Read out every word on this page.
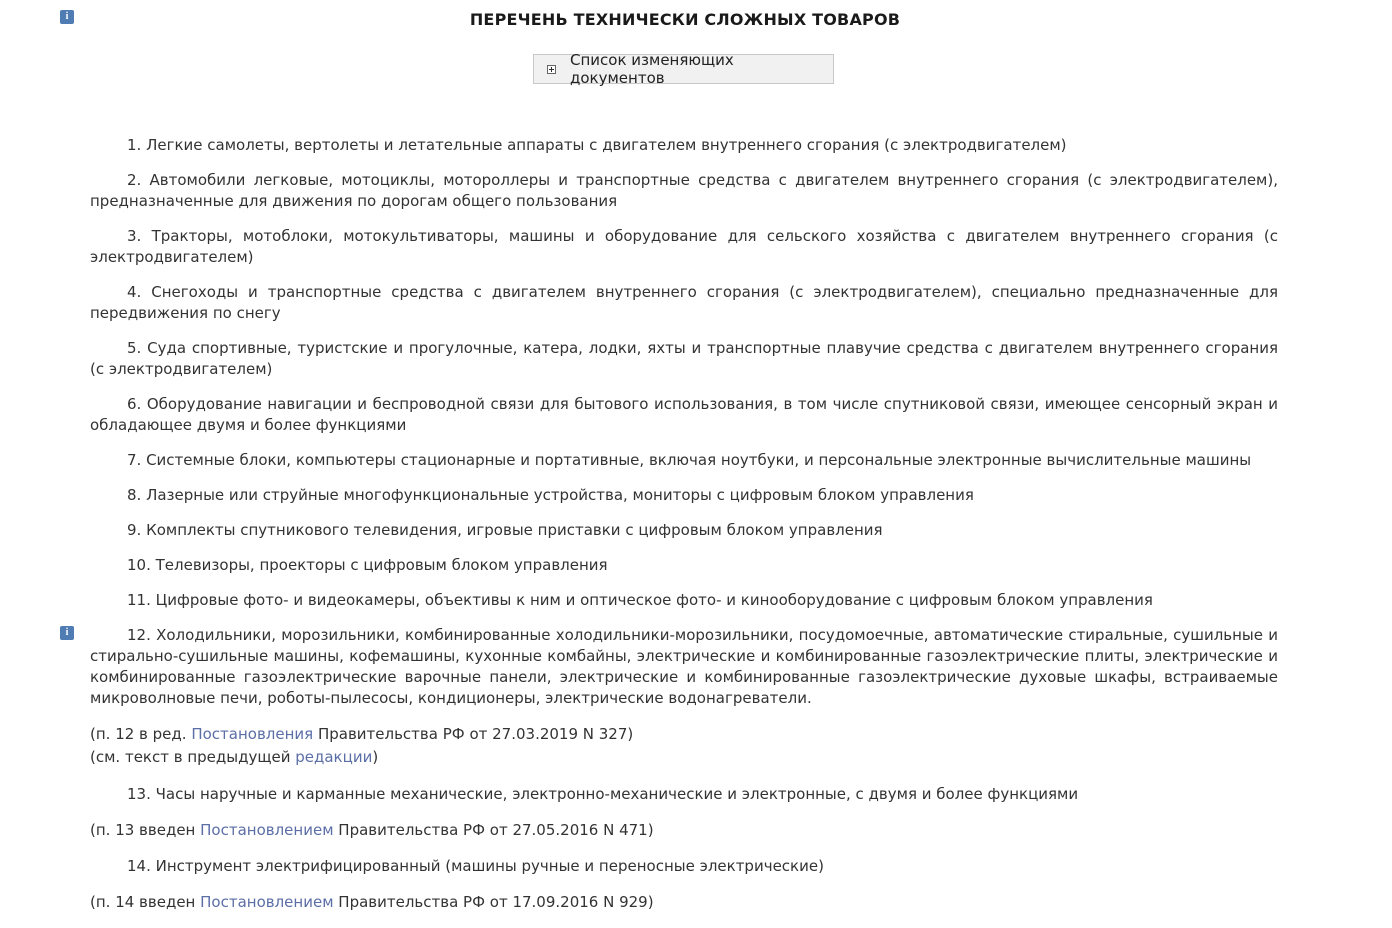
i	ПЕРЕЧЕНЬ ТЕХНИЧЕСКИ СЛОЖНЫХ ТОВАРОВ
Список изменяющих документов
i

1. Легкие самолеты, вертолеты и летательные аппараты с двигателем внутреннего сгорания (с электродвигателем)

2. Автомобили легковые, мотоциклы, мотороллеры и транспортные средства с двигателем внутреннего сгорания (с электродвигателем), предназначенные для движения по дорогам общего пользования

3. Тракторы, мотоблоки, мотокультиваторы, машины и оборудование для сельского хозяйства с двигателем внутреннего сгорания (с электродвигателем)

4. Снегоходы и транспортные средства с двигателем внутреннего сгорания (с электродвигателем), специально предназначенные для передвижения по снегу

5. Суда спортивные, туристские и прогулочные, катера, лодки, яхты и транспортные плавучие средства с двигателем внутреннего сгорания (с электродвигателем)

6. Оборудование навигации и беспроводной связи для бытового использования, в том числе спутниковой связи, имеющее сенсорный экран и обладающее двумя и более функциями

7. Системные блоки, компьютеры стационарные и портативные, включая ноутбуки, и персональные электронные вычислительные машины

8. Лазерные или струйные многофункциональные устройства, мониторы с цифровым блоком управления

9. Комплекты спутникового телевидения, игровые приставки с цифровым блоком управления

10. Телевизоры, проекторы с цифровым блоком управления

11. Цифровые фото- и видеокамеры, объективы к ним и оптическое фото- и кинооборудование с цифровым блоком управления

12. Холодильники, морозильники, комбинированные холодильники-морозильники, посудомоечные, автоматические стиральные, сушильные и стирально-сушильные машины, кофемашины, кухонные комбайны, электрические и комбинированные газоэлектрические плиты, электрические и комбинированные газоэлектрические варочные панели, электрические и комбинированные газоэлектрические духовые шкафы, встраиваемые микроволновые печи, роботы-пылесосы, кондиционеры, электрические водонагреватели.

(п. 12 в ред. Постановления Правительства РФ от 27.03.2019 N 327)
(см. текст в предыдущей редакции)

13. Часы наручные и карманные механические, электронно-механические и электронные, с двумя и более функциями

(п. 13 введен Постановлением Правительства РФ от 27.05.2016 N 471)

14. Инструмент электрифицированный (машины ручные и переносные электрические)

(п. 14 введен Постановлением Правительства РФ от 17.09.2016 N 929)
